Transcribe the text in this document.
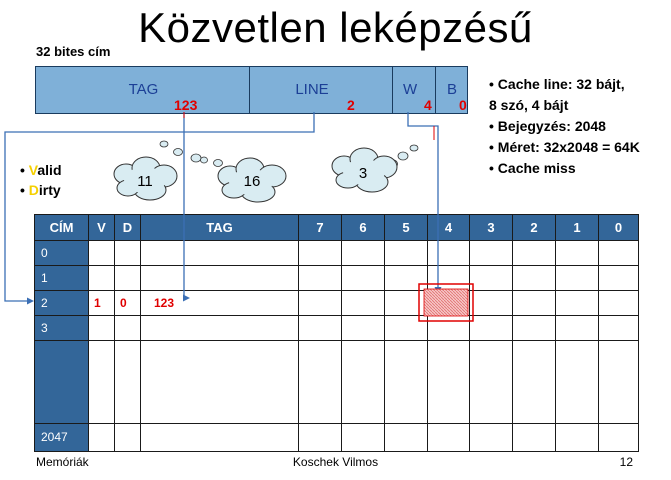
Közvetlen leképzésű
32 bites cím
TAG
123
LINE
2
W
4
B
0
• Cache line: 32 bájt,
8 szó, 4 bájt
• Bejegyzés: 2048
• Méret: 32x2048 = 64K
• Cache miss
• Valid
• Dirty
CÍM	V	D	TAG	7	6	5	4	3	2	1	0
0											
1											
2	1	0	123								
3											

2047											
11	16	3
Memóriák	Koschek Vilmos	12
